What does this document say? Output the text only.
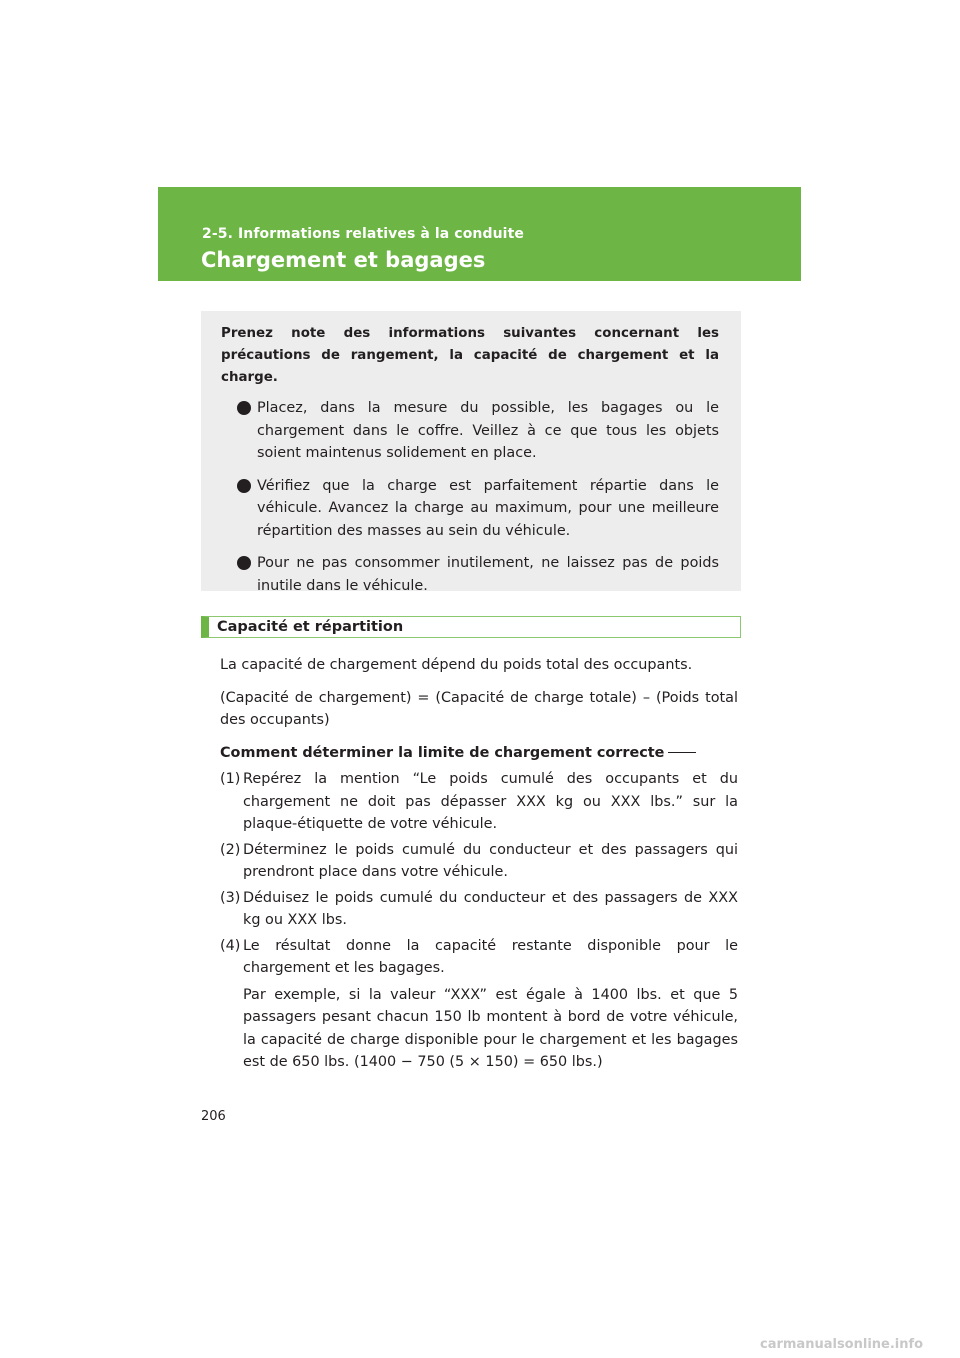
2-5. Informations relatives à la conduite
Chargement et bagages

Prenez note des informations suivantes concernant les précautions de rangement, la capacité de chargement et la charge.

Placez, dans la mesure du possible, les bagages ou le chargement dans le coffre. Veillez à ce que tous les objets soient maintenus solidement en place.
Vérifiez que la charge est parfaitement répartie dans le véhicule. Avancez la charge au maximum, pour une meilleure répartition des masses au sein du véhicule.
Pour ne pas consommer inutilement, ne laissez pas de poids inutile dans le véhicule.
Capacité et répartition

La capacité de chargement dépend du poids total des occupants.

(Capacité de chargement) = (Capacité de charge totale) – (Poids total des occupants)

Comment déterminer la limite de chargement correcte

(1) Repérez la mention “Le poids cumulé des occupants et du chargement ne doit pas dépasser XXX kg ou XXX lbs.” sur la plaque-étiquette de votre véhicule.
(2) Déterminez le poids cumulé du conducteur et des passagers qui prendront place dans votre véhicule.
(3) Déduisez le poids cumulé du conducteur et des passagers de XXX kg ou XXX lbs.
(4) Le résultat donne la capacité restante disponible pour le chargement et les bagages.

Par exemple, si la valeur “XXX” est égale à 1400 lbs. et que 5 passagers pesant chacun 150 lb montent à bord de votre véhicule, la capacité de charge disponible pour le chargement et les bagages est de 650 lbs. (1400 − 750 (5 × 150) = 650 lbs.)

206
carmanualsonline.info
